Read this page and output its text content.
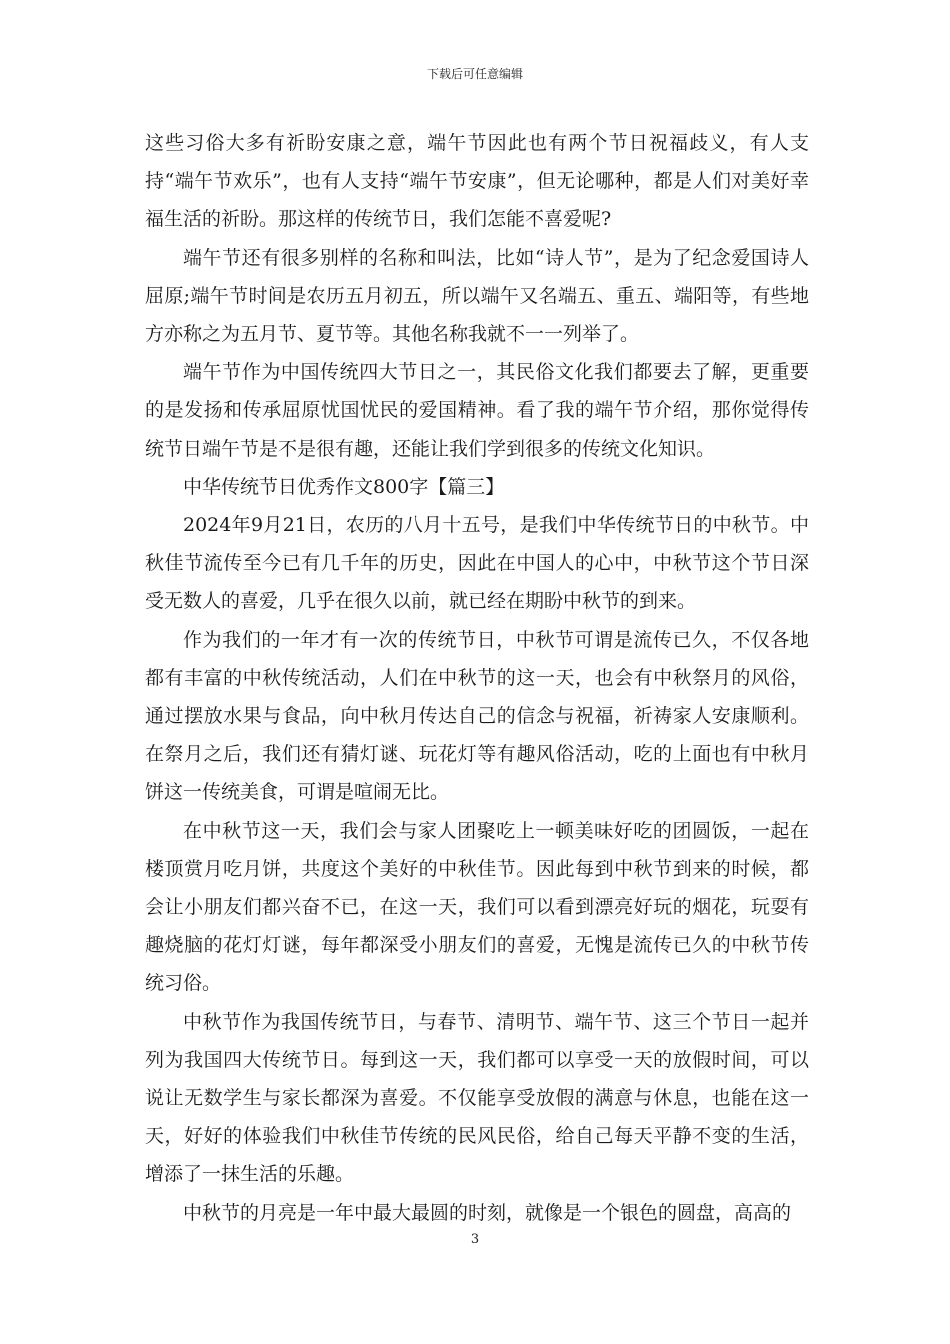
下载后可任意编辑

这些习俗大多有祈盼安康之意，端午节因此也有两个节日祝福歧义，有人支持“端午节欢乐”，也有人支持“端午节安康”，但无论哪种，都是人们对美好幸福生活的祈盼。那这样的传统节日，我们怎能不喜爱呢?

端午节还有很多别样的名称和叫法，比如“诗人节”，是为了纪念爱国诗人屈原;端午节时间是农历五月初五，所以端午又名端五、重五、端阳等，有些地方亦称之为五月节、夏节等。其他名称我就不一一列举了。

端午节作为中国传统四大节日之一，其民俗文化我们都要去了解，更重要的是发扬和传承屈原忧国忧民的爱国精神。看了我的端午节介绍，那你觉得传统节日端午节是不是很有趣，还能让我们学到很多的传统文化知识。

中华传统节日优秀作文800字【篇三】

2024年9月21日，农历的八月十五号，是我们中华传统节日的中秋节。中秋佳节流传至今已有几千年的历史，因此在中国人的心中，中秋节这个节日深受无数人的喜爱，几乎在很久以前，就已经在期盼中秋节的到来。

作为我们的一年才有一次的传统节日，中秋节可谓是流传已久，不仅各地都有丰富的中秋传统活动，人们在中秋节的这一天，也会有中秋祭月的风俗，通过摆放水果与食品，向中秋月传达自己的信念与祝福，祈祷家人安康顺利。在祭月之后，我们还有猜灯谜、玩花灯等有趣风俗活动，吃的上面也有中秋月饼这一传统美食，可谓是喧闹无比。

在中秋节这一天，我们会与家人团聚吃上一顿美味好吃的团圆饭，一起在楼顶赏月吃月饼，共度这个美好的中秋佳节。因此每到中秋节到来的时候，都会让小朋友们都兴奋不已，在这一天，我们可以看到漂亮好玩的烟花，玩耍有趣烧脑的花灯灯谜，每年都深受小朋友们的喜爱，无愧是流传已久的中秋节传统习俗。

中秋节作为我国传统节日，与春节、清明节、端午节、这三个节日一起并列为我国四大传统节日。每到这一天，我们都可以享受一天的放假时间，可以说让无数学生与家长都深为喜爱。不仅能享受放假的满意与休息，也能在这一天，好好的体验我们中秋佳节传统的民风民俗，给自己每天平静不变的生活，增添了一抹生活的乐趣。

中秋节的月亮是一年中最大最圆的时刻，就像是一个银色的圆盘，高高的

3
